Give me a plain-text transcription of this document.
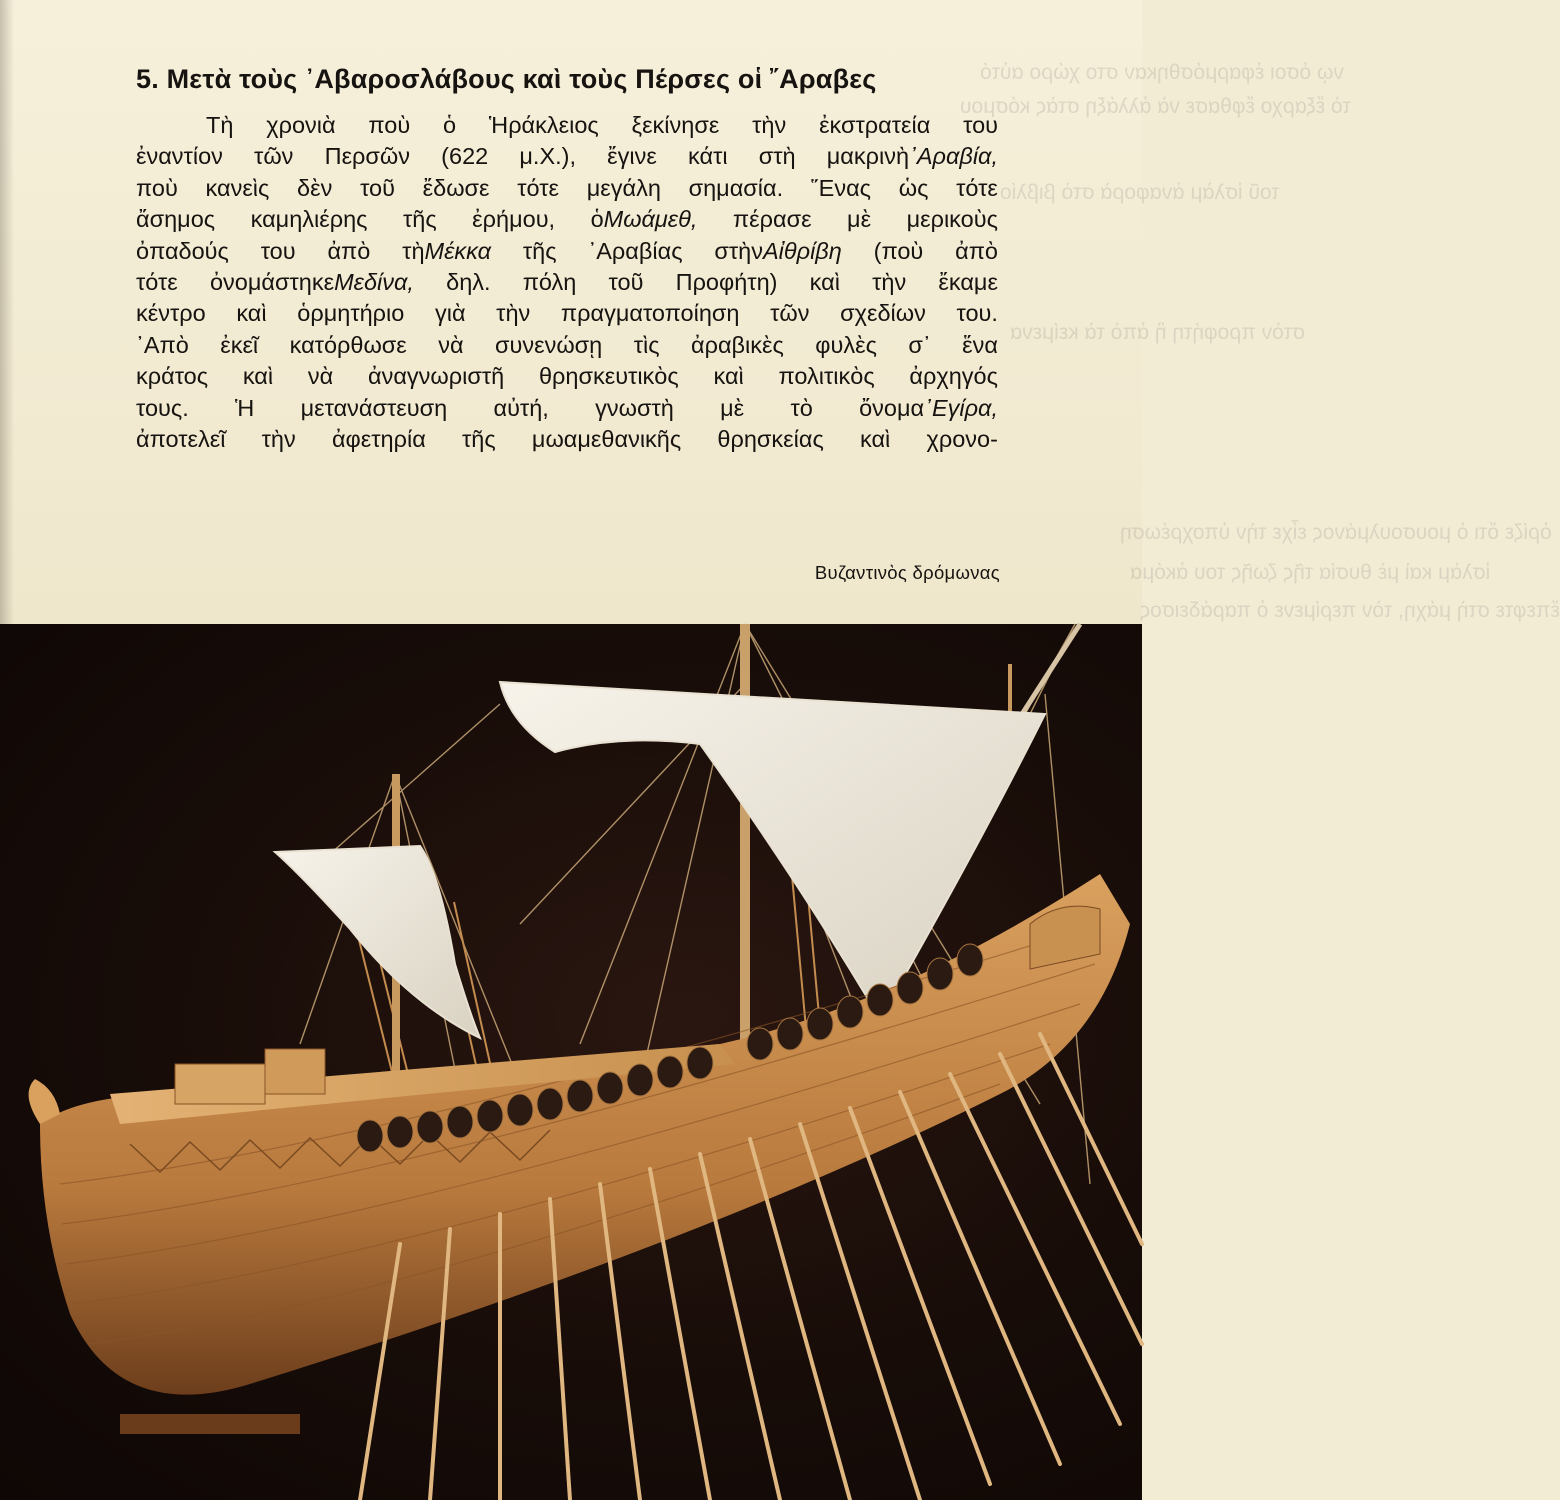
νῳ ὁσοι ἐφαρμόσθηκαν στο χώρο αὐτό
τὸ ἔξαρχο ἔφθασε νὰ ἀλλάξη στὰς κόσμου
τοῦ ἰσλὰμ ἀναφορὰ στὸ βιβλίο
στὸν προφήτη ἢ ἀπὸ τὰ κείμενα
ὁρίζε ὅτι ὁ μουσουλμάνος εἶχε τὴν ὑποχρέωση
ἰσλὰμ καὶ μὲ θυσία τῆς ζωῆς του ἀκόμα
ἔπεφτε στὴ μάχη, τὸν περίμενε ὁ παράδεισος
5. Μετὰ τοὺς ᾿Αβαροσλάβους καὶ τοὺς Πέρσες οἱ ῎Αραβες
Τὴ χρονιὰ ποὺ ὁ Ἡράκλειος ξεκίνησε τὴν ἐκστρατεία του
ἐναντίον τῶν Περσῶν (622 μ.Χ.), ἔγινε κάτι στὴ μακρινὴ᾿Αραβία,
ποὺ κανεὶς δὲν τοῦ ἔδωσε τότε μεγάλη σημασία. ῞Ενας ὡς τότε
ἄσημος καμηλιέρης τῆς ἐρήμου, ὁΜωάμεθ, πέρασε μὲ μερικοὺς
ὀπαδούς του ἀπὸ τὴΜέκκα τῆς ᾿Αραβίας στὴνΑἰθρίβη (ποὺ ἀπὸ
τότε ὀνομάστηκεΜεδίνα, δηλ. πόλη τοῦ Προφήτη) καὶ τὴν ἔκαμε
κέντρο καὶ ὁρμητήριο γιὰ τὴν πραγματοποίηση τῶν σχεδίων του.
᾿Απὸ ἐκεῖ κατόρθωσε νὰ συνενώσῃ τὶς ἀραβικὲς φυλὲς σ᾿ ἕνα
κράτος καὶ νὰ ἀναγνωριστῆ θρησκευτικὸς καὶ πολιτικὸς ἀρχηγός
τους. Ἡ μετανάστευση αὐτή, γνωστὴ μὲ τὸ ὄνομα᾿Εγίρα,
ἀποτελεῖ τὴν ἀφετηρία τῆς μωαμεθανικῆς θρησκείας καὶ χρονο-
Βυζαντινὸς δρόμωνας
